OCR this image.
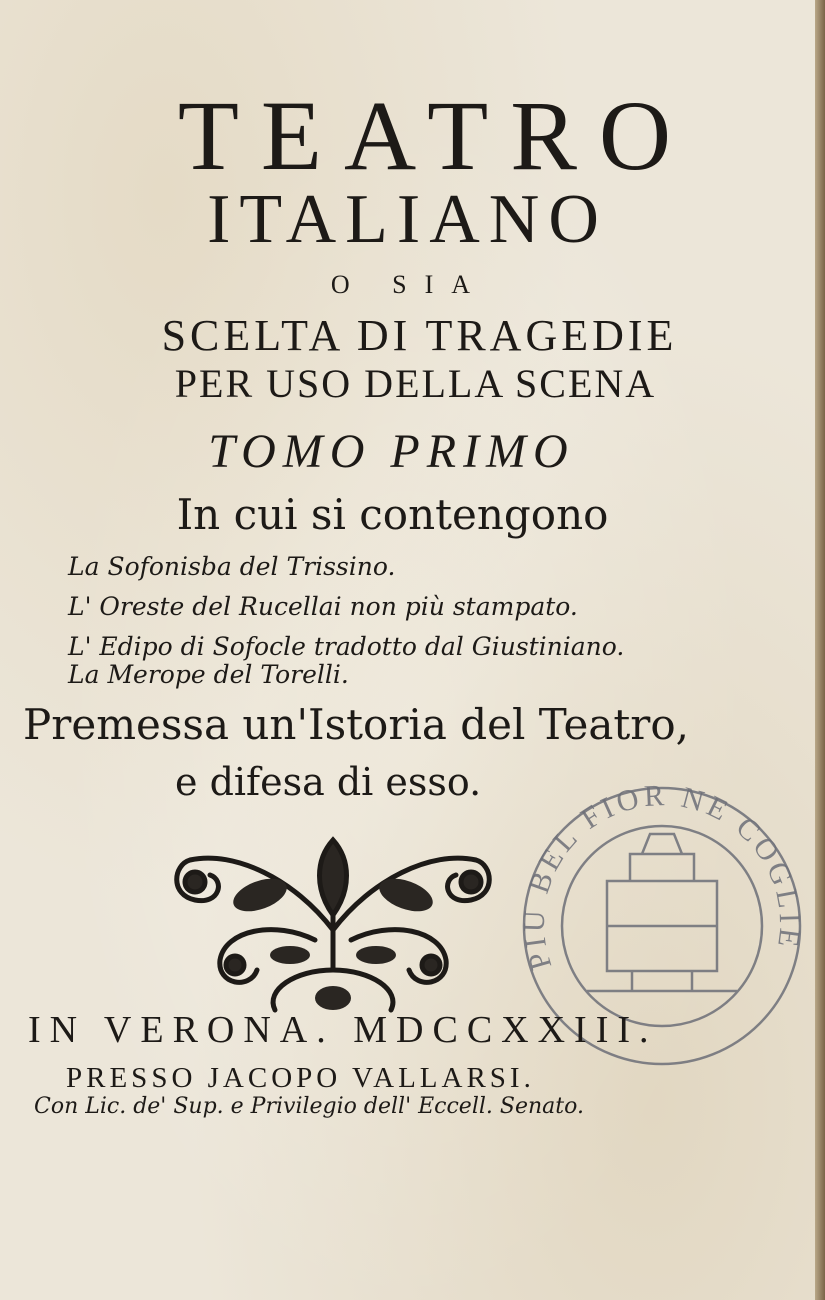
TEATRO
ITALIANO
O SIA
SCELTA DI TRAGEDIE
PER USO DELLA SCENA
TOMO PRIMO
In cui si contengono
La Sofonisba del Trissino.
L' Oreste del Rucellai non più stampato.
L' Edipo di Sofocle tradotto dal Giustiniano.
La Merope del Torelli.
Premessa un'Istoria del Teatro,
e difesa di esso.
PIU BEL FIOR NE COGLIE
IN VERONA. MDCCXXIII.
PRESSO JACOPO VALLARSI.
Con Lic. de' Sup. e Privilegio dell' Eccell. Senato.
